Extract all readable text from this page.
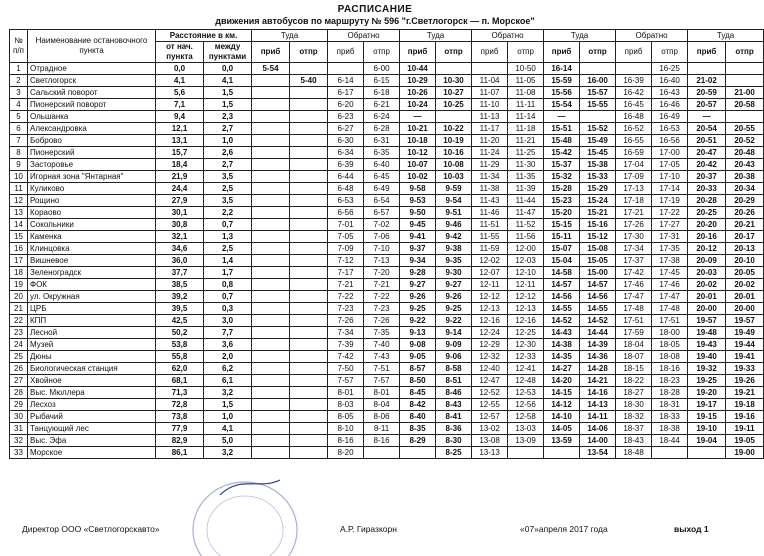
РАСПИСАНИЕ
движения автобусов по маршруту № 596 "г.Светлогорск — п. Морское"
№ п/п	Наименование остановочного пункта	Расстояние в км.		Туда		Обратно		Туда		Обратно		Туда		Обратно		Туда	
		от нач. пункта	между пунктами	приб	отпр	приб	отпр	приб	отпр	приб	отпр	приб	отпр	приб	отпр	приб	отпр

1	Отрадное	0,0	0,0	5-54			6-00	10-44			10-50	16-14			16-25		
2	Светлогорск	4,1	4,1		5-40	6-14	6-15	10-29	10-30	11-04	11-05	15-59	16-00	16-39	16-40	21-02	
3	Сальский поворот	5,6	1,5			6-17	6-18	10-26	10-27	11-07	11-08	15-56	15-57	16-42	16-43	20-59	21-00
4	Пионерский поворот	7,1	1,5			6-20	6-21	10-24	10-25	11-10	11-11	15-54	15-55	16-45	16-46	20-57	20-58
5	Ольшанка	9,4	2,3			6-23	6-24	—		11-13	11-14	—		16-48	16-49	—	
6	Александровка	12,1	2,7			6-27	6-28	10-21	10-22	11-17	11-18	15-51	15-52	16-52	16-53	20-54	20-55
7	Боброво	13,1	1,0			6-30	6-31	10-18	10-19	11-20	11-21	15-48	15-49	16-55	16-56	20-51	20-52
8	Пионерский	15,7	2,6			6-34	6-35	10-12	10-16	11-24	11-25	15-42	15-45	16-59	17-00	20-47	20-48
9	Засторовье	18,4	2,7			6-39	6-40	10-07	10-08	11-29	11-30	15-37	15-38	17-04	17-05	20-42	20-43
10	Игорная зона "Янтарная"	21,9	3,5			6-44	6-45	10-02	10-03	11-34	11-35	15-32	15-33	17-09	17-10	20-37	20-38
11	Куликово	24,4	2,5			6-48	6-49	9-58	9-59	11-38	11-39	15-28	15-29	17-13	17-14	20-33	20-34
12	Рощино	27,9	3,5			6-53	6-54	9-53	9-54	11-43	11-44	15-23	15-24	17-18	17-19	20-28	20-29
13	Кораово	30,1	2,2			6-56	6-57	9-50	9-51	11-46	11-47	15-20	15-21	17-21	17-22	20-25	20-26
14	Сокольники	30,8	0,7			7-01	7-02	9-45	9-46	11-51	11-52	15-15	15-16	17-26	17-27	20-20	20-21
15	Каменка	32,1	1,3			7-05	7-06	9-41	9-42	11-55	11-56	15-11	15-12	17-30	17-31	20-16	20-17
16	Клинцовка	34,6	2,5			7-09	7-10	9-37	9-38	11-59	12-00	15-07	15-08	17-34	17-35	20-12	20-13
17	Вишневое	36,0	1,4			7-12	7-13	9-34	9-35	12-02	12-03	15-04	15-05	17-37	17-38	20-09	20-10
18	Зеленоградск	37,7	1,7			7-17	7-20	9-28	9-30	12-07	12-10	14-58	15-00	17-42	17-45	20-03	20-05
19	ФОК	38,5	0,8			7-21	7-21	9-27	9-27	12-11	12-11	14-57	14-57	17-46	17-46	20-02	20-02
20	ул. Окружная	39,2	0,7			7-22	7-22	9-26	9-26	12-12	12-12	14-56	14-56	17-47	17-47	20-01	20-01
21	ЦРБ	39,5	0,3			7-23	7-23	9-25	9-25	12-13	12-13	14-55	14-55	17-48	17-48	20-00	20-00
22	КПП	42,5	3,0			7-26	7-26	9-22	9-22	12-16	12-16	14-52	14-52	17-51	17-51	19-57	19-57
23	Лесной	50,2	7,7			7-34	7-35	9-13	9-14	12-24	12-25	14-43	14-44	17-59	18-00	19-48	19-49
24	Музей	53,8	3,6			7-39	7-40	9-08	9-09	12-29	12-30	14-38	14-39	18-04	18-05	19-43	19-44
25	Дюны	55,8	2,0			7-42	7-43	9-05	9-06	12-32	12-33	14-35	14-36	18-07	18-08	19-40	19-41
26	Биологическая станция	62,0	6,2			7-50	7-51	8-57	8-58	12-40	12-41	14-27	14-28	18-15	18-16	19-32	19-33
27	Хвойное	68,1	6,1			7-57	7-57	8-50	8-51	12-47	12-48	14-20	14-21	18-22	18-23	19-25	19-26
28	Выс. Мюллера	71,3	3,2			8-01	8-01	8-45	8-46	12-52	12-53	14-15	14-16	18-27	18-28	19-20	19-21
29	Лесхоз	72,8	1,5			8-03	8-04	8-42	8-43	12-55	12-56	14-12	14-13	18-30	18-31	19-17	19-18
30	Рыбачий	73,8	1,0			8-05	8-06	8-40	8-41	12-57	12-58	14-10	14-11	18-32	18-33	19-15	19-16
31	Танцующий лес	77,9	4,1			8-10	8-11	8-35	8-36	13-02	13-03	14-05	14-06	18-37	18-38	19-10	19-11
32	Выс. Эфа	82,9	5,0			8-16	8-16	8-29	8-30	13-08	13-09	13-59	14-00	18-43	18-44	19-04	19-05
33	Морское	86,1	3,2			8-20			8-25	13-13			13-54	18-48			19-00
Директор ООО «Светлогорскавто»	А.Р. Гиразкорн	«07»апреля 2017 года	выход 1
